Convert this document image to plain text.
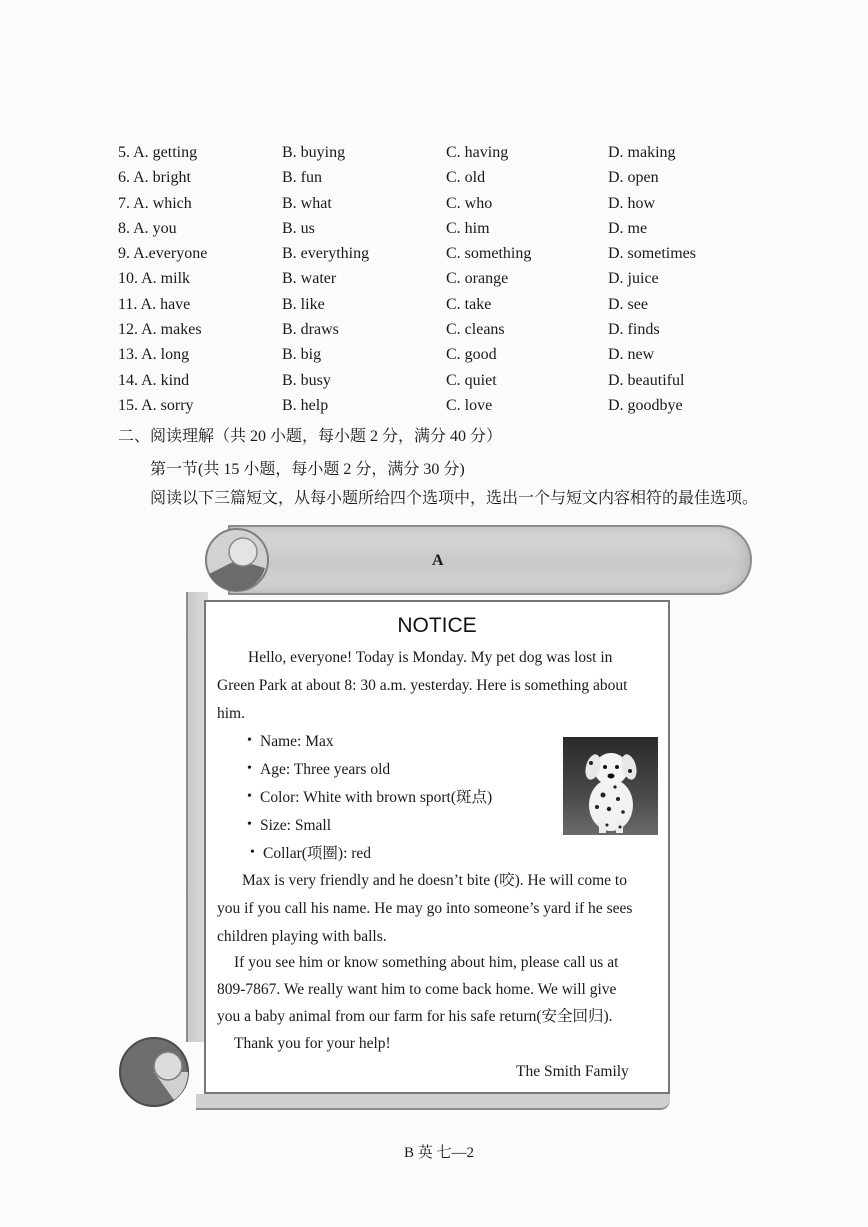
5. A. getting	B. buying	C. having	D. making
6. A. bright	B. fun	C. old	D. open
7. A. which	B. what	C. who	D. how
8. A. you	B. us	C. him	D. me
9. A.everyone	B. everything	C. something	D. sometimes
10. A. milk	B. water	C. orange	D. juice
11. A. have	B. like	C. take	D. see
12. A. makes	B. draws	C. cleans	D. finds
13. A. long	B. big	C. good	D. new
14. A. kind	B. busy	C. quiet	D. beautiful
15. A. sorry	B. help	C. love	D. goodbye
二、阅读理解（共 20 小题，每小题 2 分，满分 40 分）
第一节(共 15 小题，每小题 2 分，满分 30 分)
阅读以下三篇短文，从每小题所给四个选项中，选出一个与短文内容相符的最佳选项。
A
NOTICE
Hello, everyone! Today is Monday. My pet dog was lost in
Green Park at about 8: 30 a.m. yesterday. Here is something about
him.
• Name: Max
• Age: Three years old
• Color: White with brown sport(斑点)
• Size: Small
• Collar(项圈): red
Max is very friendly and he doesn’t bite (咬). He will come to
you if you call his name. He may go into someone’s yard if he sees
children playing with balls.
If you see him or know something about him, please call us at
809-7867. We really want him to come back home. We will give
you a baby animal from our farm for his safe return(安全回归).
Thank you for your help!
The Smith Family
B 英 七—2
